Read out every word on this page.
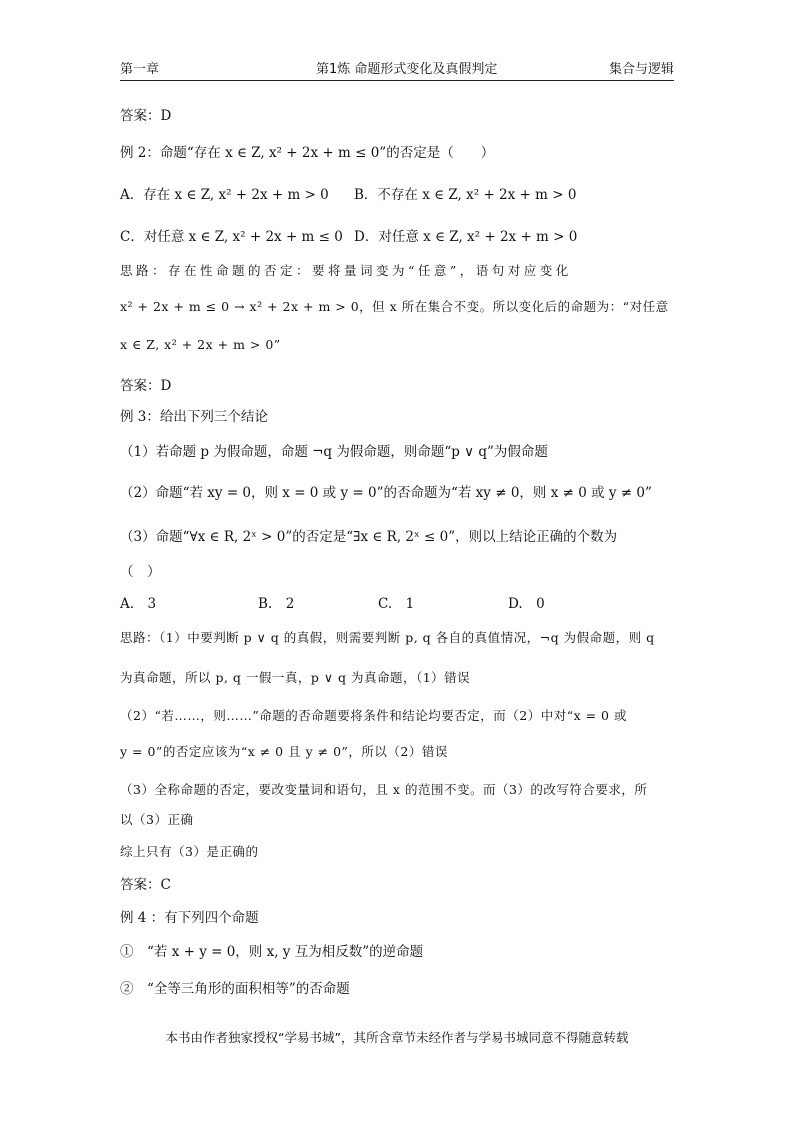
第一章	第1炼 命题形式变化及真假判定	集合与逻辑
答案：D
例 2：命题“存在 x ∈ Z, x² + 2x + m ≤ 0”的否定是（　　）
A．存在 x ∈ Z, x² + 2x + m > 0 B．不存在 x ∈ Z, x² + 2x + m > 0
C．对任意 x ∈ Z, x² + 2x + m ≤ 0 D．对任意 x ∈ Z, x² + 2x + m > 0
思路：存在性命题的否定：要将量词变为“任意”，语句对应变化
x² + 2x + m ≤ 0 → x² + 2x + m > 0，但 x 所在集合不变。所以变化后的命题为：“对任意
x ∈ Z, x² + 2x + m > 0”
答案：D
例 3：给出下列三个结论
（1）若命题 p 为假命题，命题 ¬q 为假命题，则命题“p ∨ q”为假命题
（2）命题“若 xy = 0，则 x = 0 或 y = 0”的否命题为“若 xy ≠ 0，则 x ≠ 0 或 y ≠ 0”
（3）命题“∀x ∈ R, 2ˣ > 0”的否定是“∃x ∈ R, 2ˣ ≤ 0”，则以上结论正确的个数为
（　）
A.　3	B.　2	C.　1	D.　0
思路：（1）中要判断 p ∨ q 的真假，则需要判断 p, q 各自的真值情况，¬q 为假命题，则 q
为真命题，所以 p, q 一假一真，p ∨ q 为真命题，（1）错误
（2）“若……，则……”命题的否命题要将条件和结论均要否定，而（2）中对“x = 0 或
y = 0”的否定应该为“x ≠ 0 且 y ≠ 0”，所以（2）错误
（3）全称命题的否定，要改变量词和语句，且 x 的范围不变。而（3）的改写符合要求，所
以（3）正确
综上只有（3）是正确的
答案：C
例 4 ：有下列四个命题
①　“若 x + y = 0，则 x, y 互为相反数”的逆命题
②　“全等三角形的面积相等”的否命题
本书由作者独家授权“学易书城”，其所含章节未经作者与学易书城同意不得随意转载
